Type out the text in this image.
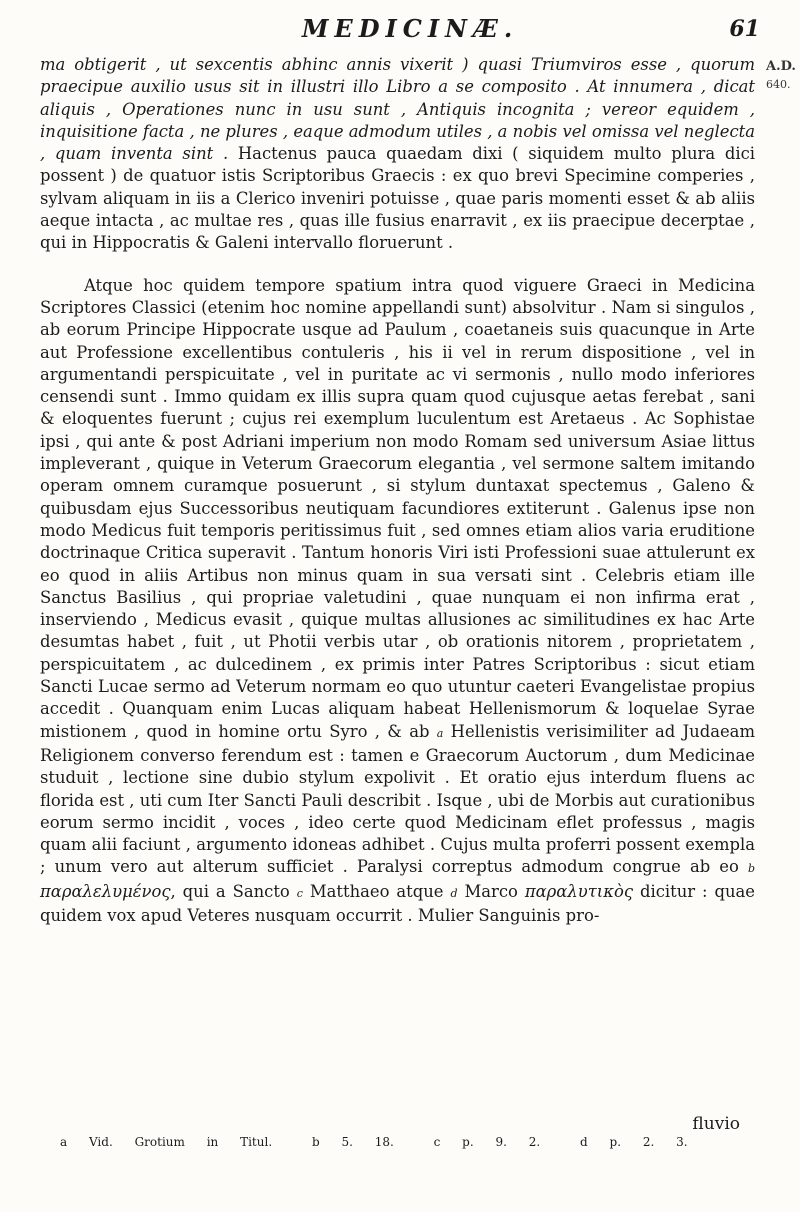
MEDICINÆ.	61
A.D.
640.

ma obtigerit , ut sexcentis abhinc annis vixerit ) quasi Triumviros esse , quorum praecipue auxilio usus sit in illustri illo Libro a se composito . At innumera , dicat aliquis , Operationes nunc in usu sunt , Antiquis incognita ; vereor equidem , inquisitione facta , ne plures , eaque admodum utiles , a nobis vel omissa vel neglecta , quam inventa sint . Hactenus pauca quaedam dixi ( siquidem multo plura dici possent ) de quatuor istis Scriptoribus Graecis : ex quo brevi Specimine comperies , sylvam aliquam in iis a Clerico inveniri potuisse , quae paris momenti esset & ab aliis aeque intacta , ac multae res , quas ille fusius enarravit , ex iis praecipue decerptae , qui in Hippocratis & Galeni intervallo floruerunt .

Atque hoc quidem tempore spatium intra quod viguere Graeci in Medicina Scriptores Classici (etenim hoc nomine appellandi sunt) absolvitur . Nam si singulos , ab eorum Principe Hippocrate usque ad Paulum , coaetaneis suis quacunque in Arte aut Professione excellentibus contuleris , his ii vel in rerum dispositione , vel in argumentandi perspicuitate , vel in puritate ac vi sermonis , nullo modo inferiores censendi sunt . Immo quidam ex illis supra quam quod cujusque aetas ferebat , sani & eloquentes fuerunt ; cujus rei exemplum luculentum est Aretaeus . Ac Sophistae ipsi , qui ante & post Adriani imperium non modo Romam sed universum Asiae littus impleverant , quique in Veterum Graecorum elegantia , vel sermone saltem imitando operam omnem curamque posuerunt , si stylum duntaxat spectemus , Galeno & quibusdam ejus Successoribus neutiquam facundiores extiterunt . Galenus ipse non modo Medicus fuit temporis peritissimus fuit , sed omnes etiam alios varia eruditione doctrinaque Critica superavit . Tantum honoris Viri isti Professioni suae attulerunt ex eo quod in aliis Artibus non minus quam in sua versati sint . Celebris etiam ille Sanctus Basilius , qui propriae valetudini , quae nunquam ei non infirma erat , inserviendo , Medicus evasit , quique multas allusiones ac similitudines ex hac Arte desumtas habet , fuit , ut Photii verbis utar , ob orationis nitorem , proprietatem , perspicuitatem , ac dulcedinem , ex primis inter Patres Scriptoribus : sicut etiam Sancti Lucae sermo ad Veterum normam eo quo utuntur caeteri Evangelistae propius accedit . Quanquam enim Lucas aliquam habeat Hellenismorum & loquelae Syrae mistionem , quod in homine ortu Syro , & ab a Hellenistis verisimiliter ad Judaeam Religionem converso ferendum est : tamen e Graecorum Auctorum , dum Medicinae studuit , lectione sine dubio stylum expolivit . Et oratio ejus interdum fluens ac florida est , uti cum Iter Sancti Pauli describit . Isque , ubi de Morbis aut curationibus eorum sermo incidit , voces , ideo certe quod Medicinam eflet professus , magis quam alii faciunt , argumento idoneas adhibet . Cujus multa proferri possent exempla ; unum vero aut alterum sufficiet . Paralysi correptus admodum congrue ab eo b παραλελυμένος, qui a Sancto c Matthaeo atque d Marco παραλυτικὸς dicitur : quae quidem vox apud Veteres nusquam occurrit . Mulier Sanguinis pro-

fluvio
a Vid. Grotium in Titul.	b 5. 18.	c p. 9. 2.	d p. 2. 3.
